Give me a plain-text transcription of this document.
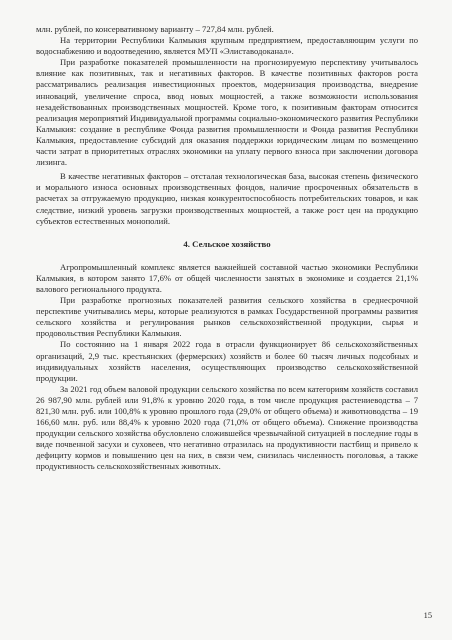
млн. рублей, по консервативному варианту – 727,84 млн. рублей.

На территории Республики Калмыкия крупным предприятием, предоставляющим услуги по водоснабжению и водоотведению, является МУП «Элиставодоканал».

При разработке показателей промышленности на прогнозируемую перспективу учитывалось влияние как позитивных, так и негативных факторов. В качестве позитивных факторов роста рассматривались реализация инвестиционных проектов, модернизация производства, внедрение инноваций, увеличение спроса, ввод новых мощностей, а также возможности использования незадействованных производственных мощностей. Кроме того, к позитивным факторам относится реализация мероприятий Индивидуальной программы социально-экономического развития Республики Калмыкия: создание в республике Фонда развития промышленности и Фонда развития Республики Калмыкия, предоставление субсидий для оказания поддержки юридическим лицам по возмещению части затрат в приоритетных отраслях экономики на уплату первого взноса при заключении договора лизинга.

В качестве негативных факторов – отсталая технологическая база, высокая степень физического и морального износа основных производственных фондов, наличие просроченных обязательств в расчетах за отгружаемую продукцию, низкая конкурентоспособность потребительских товаров, и как следствие, низкий уровень загрузки производственных мощностей, а также рост цен на продукцию субъектов естественных монополий.

4. Сельское хозяйство

Агропромышленный комплекс является важнейшей составной частью экономики Республики Калмыкия, в котором занято 17,6% от общей численности занятых в экономике и создается 21,1% валового регионального продукта.

При разработке прогнозных показателей развития сельского хозяйства в среднесрочной перспективе учитывались меры, которые реализуются в рамках Государственной программы развития сельского хозяйства и регулирования рынков сельскохозяйственной продукции, сырья и продовольствия Республики Калмыкия.

По состоянию на 1 января 2022 года в отрасли функционирует 86 сельскохозяйственных организаций, 2,9 тыс. крестьянских (фермерских) хозяйств и более 60 тысяч личных подсобных и индивидуальных хозяйств населения, осуществляющих производство сельскохозяйственной продукции.

За 2021 год объем валовой продукции сельского хозяйства по всем категориям хозяйств составил 26 987,90 млн. рублей или 91,8% к уровню 2020 года, в том числе продукция растениеводства – 7 821,30 млн. руб. или 100,8% к уровню прошлого года (29,0% от общего объема) и животноводства – 19 166,60 млн. руб. или 88,4% к уровню 2020 года (71,0% от общего объема). Снижение производства продукции сельского хозяйства обусловлено сложившейся чрезвычайной ситуацией в последние годы в виде почвенной засухи и суховеев, что негативно отразилась на продуктивности пастбищ и привело к дефициту кормов и повышению цен на них, в связи чем, снизилась численность поголовья, а также продуктивность сельскохозяйственных животных.

15
